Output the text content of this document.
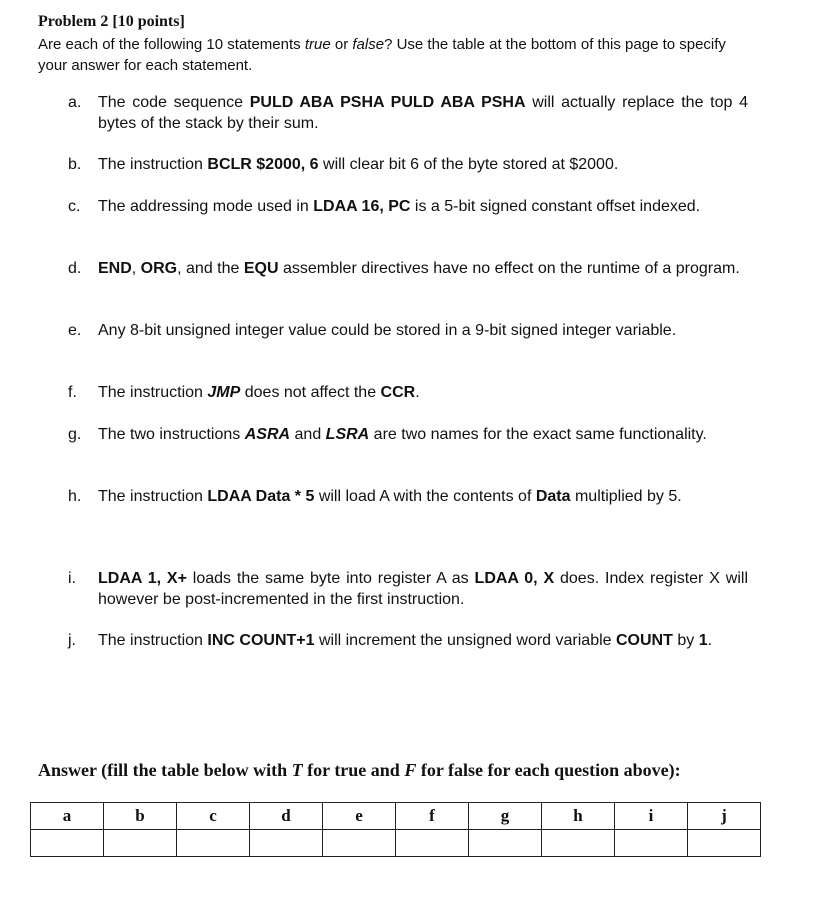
Problem 2 [10 points]
Are each of the following 10 statements true or false? Use the table at the bottom of this page to specify your answer for each statement.
a.	The code sequence PULD ABA PSHA PULD ABA PSHA will actually replace the top 4 bytes of the stack by their sum.
b.	The instruction BCLR $2000, 6 will clear bit 6 of the byte stored at $2000.
c.	The addressing mode used in LDAA 16, PC is a 5-bit signed constant offset indexed.
d.	END, ORG, and the EQU assembler directives have no effect on the runtime of a program.
e.	Any 8-bit unsigned integer value could be stored in a 9-bit signed integer variable.
f.	The instruction JMP does not affect the CCR.
g.	The two instructions ASRA and LSRA are two names for the exact same functionality.
h.	The instruction LDAA Data * 5 will load A with the contents of Data multiplied by 5.
i.	LDAA 1, X+ loads the same byte into register A as LDAA 0, X does. Index register X will however be post-incremented in the first instruction.
j.	The instruction INC COUNT+1 will increment the unsigned word variable COUNT by 1.
Answer (fill the table below with T for true and F for false for each question above):
a	b	c	d	e	f	g	h	i	j
